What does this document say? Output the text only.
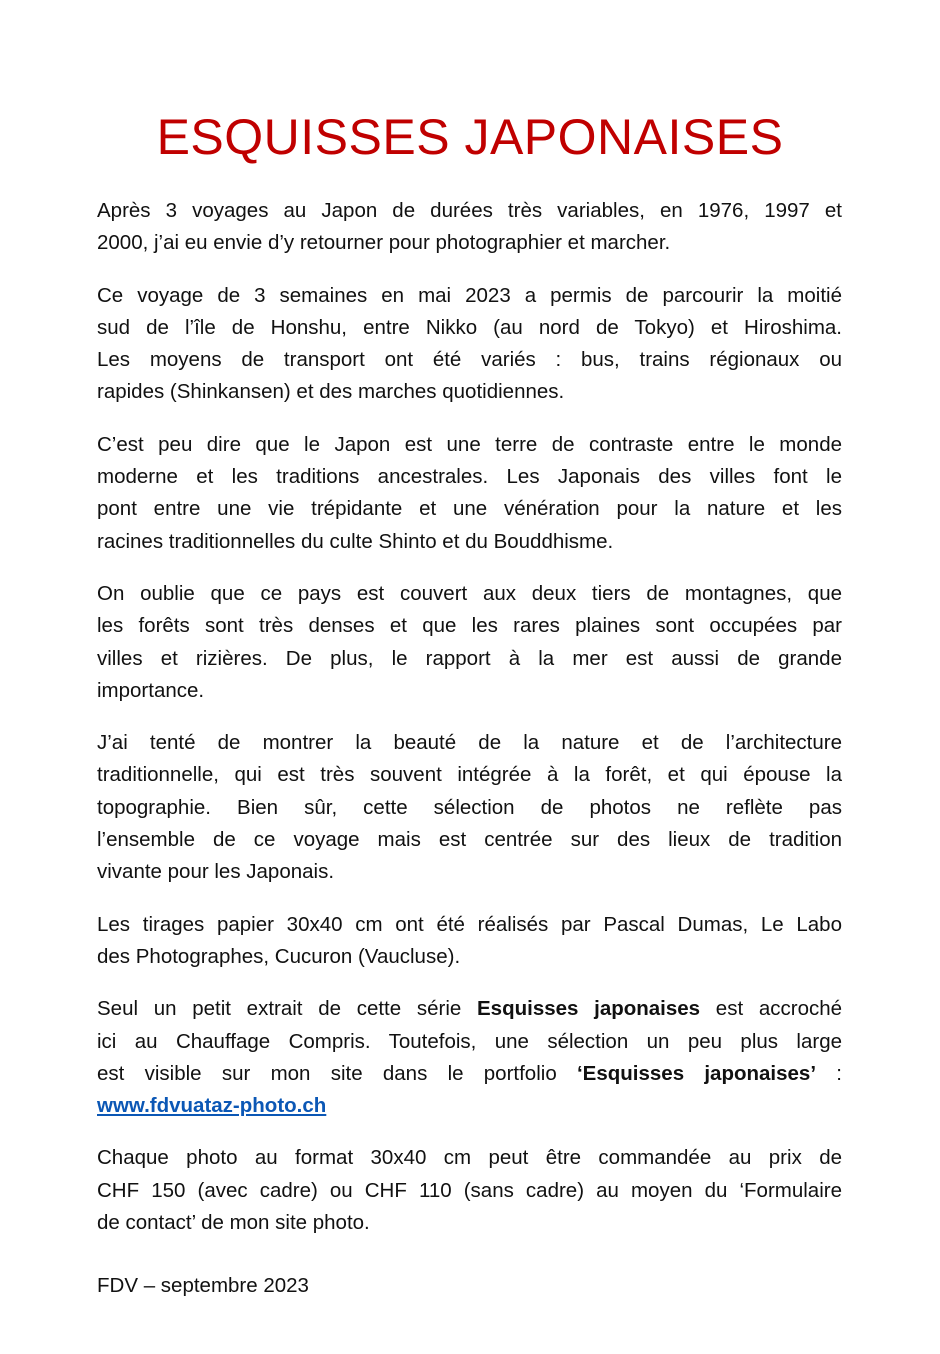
ESQUISSES JAPONAISES
Après 3 voyages au Japon de durées très variables, en 1976, 1997 et
2000, j’ai eu envie d’y retourner pour photographier et marcher.
Ce voyage de 3 semaines en mai 2023 a permis de parcourir la moitié
sud de l’île de Honshu, entre Nikko (au nord de Tokyo) et Hiroshima.
Les moyens de transport ont été variés : bus, trains régionaux ou
rapides (Shinkansen) et des marches quotidiennes.
C’est peu dire que le Japon est une terre de contraste entre le monde
moderne et les traditions ancestrales. Les Japonais des villes font le
pont entre une vie trépidante et une vénération pour la nature et les
racines traditionnelles du culte Shinto et du Bouddhisme.
On oublie que ce pays est couvert aux deux tiers de montagnes, que
les forêts sont très denses et que les rares plaines sont occupées par
villes et rizières. De plus, le rapport à la mer est aussi de grande
importance.
J’ai tenté de montrer la beauté de la nature et de l’architecture
traditionnelle, qui est très souvent intégrée à la forêt, et qui épouse la
topographie. Bien sûr, cette sélection de photos ne reflète pas
l’ensemble de ce voyage mais est centrée sur des lieux de tradition
vivante pour les Japonais.
Les tirages papier 30x40 cm ont été réalisés par Pascal Dumas, Le Labo
des Photographes, Cucuron (Vaucluse).
Seul un petit extrait de cette série Esquisses japonaises est accroché
ici au Chauffage Compris. Toutefois, une sélection un peu plus large
est visible sur mon site dans le portfolio ‘Esquisses japonaises’ :
www.fdvuataz-photo.ch
Chaque photo au format 30x40 cm peut être commandée au prix de
CHF 150 (avec cadre) ou CHF 110 (sans cadre) au moyen du ‘Formulaire
de contact’ de mon site photo.
FDV – septembre 2023
